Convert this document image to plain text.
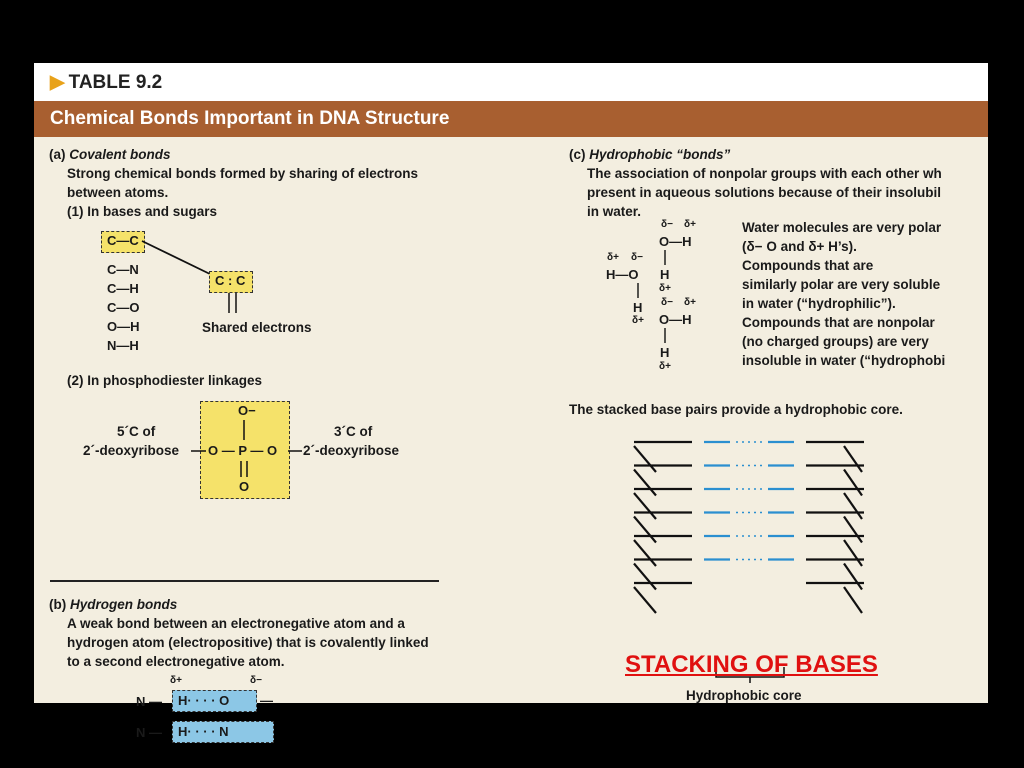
▶ TABLE 9.2
Chemical Bonds Important in DNA Structure
(a) Covalent bonds
Strong chemical bonds formed by sharing of electrons
between atoms.
(1) In bases and sugars
C—C
C—N
C—H
C—O
O—H
N—H
C : C
Shared electrons
(2) In phosphodiester linkages
O−
O — P — O
O
5´C of
2´-deoxyribose
3´C of
2´-deoxyribose
(b) Hydrogen bonds
A weak bond between an electronegative atom and a
hydrogen atom (electropositive) that is covalently linked
to a second electronegative atom.
δ+	δ−
N — H· · · · O —
N — H· · · · N
(c) Hydrophobic “bonds”
The association of nonpolar groups with each other wh
present in aqueous solutions because of their insolubil
in water.
δ− δ+
O—H
δ+ δ−
H—O H
δ+
H
δ+
δ− δ+
O—H
H
δ+
Water molecules are very polar
(δ− O and δ+ H’s).
Compounds that are
similarly polar are very soluble
in water (“hydrophilic”).
Compounds that are nonpolar
(no charged groups) are very
insoluble in water (“hydrophobi
The stacked base pairs provide a hydrophobic core.
Hydrophobic core
STACKING OF BASES
